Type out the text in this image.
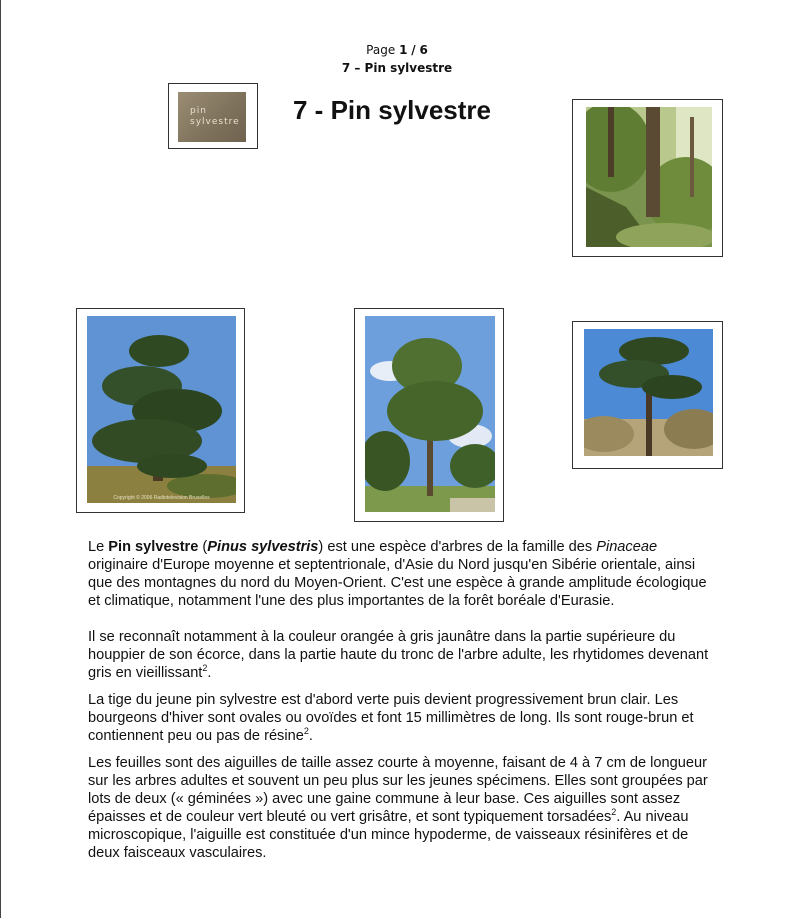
Page 1 / 6
7 – Pin sylvestre
7 - Pin sylvestre
pin
sylvestre
Copyright © 2006 Radiotelevision Bruxelles

Le Pin sylvestre (Pinus sylvestris) est une espèce d'arbres de la famille des Pinaceae originaire d'Europe moyenne et septentrionale, d'Asie du Nord jusqu'en Sibérie orientale, ainsi que des montagnes du nord du Moyen-Orient. C'est une espèce à grande amplitude écologique et climatique, notamment l'une des plus importantes de la forêt boréale d'Eurasie.

Il se reconnaît notamment à la couleur orangée à gris jaunâtre dans la partie supérieure du houppier de son écorce, dans la partie haute du tronc de l'arbre adulte, les rhytidomes devenant gris en vieillissant$^2$.

La tige du jeune pin sylvestre est d'abord verte puis devient progressivement brun clair. Les bourgeons d'hiver sont ovales ou ovoïdes et font 15 millimètres de long. Ils sont rouge-brun et contiennent peu ou pas de résine$^2$.

Les feuilles sont des aiguilles de taille assez courte à moyenne, faisant de 4 à 7 cm de longueur sur les arbres adultes et souvent un peu plus sur les jeunes spécimens. Elles sont groupées par lots de deux (« géminées ») avec une gaine commune à leur base. Ces aiguilles sont assez épaisses et de couleur vert bleuté ou vert grisâtre, et sont typiquement torsadées$^2$. Au niveau microscopique, l'aiguille est constituée d'un mince hypoderme, de vaisseaux résinifères et de deux faisceaux vasculaires.
